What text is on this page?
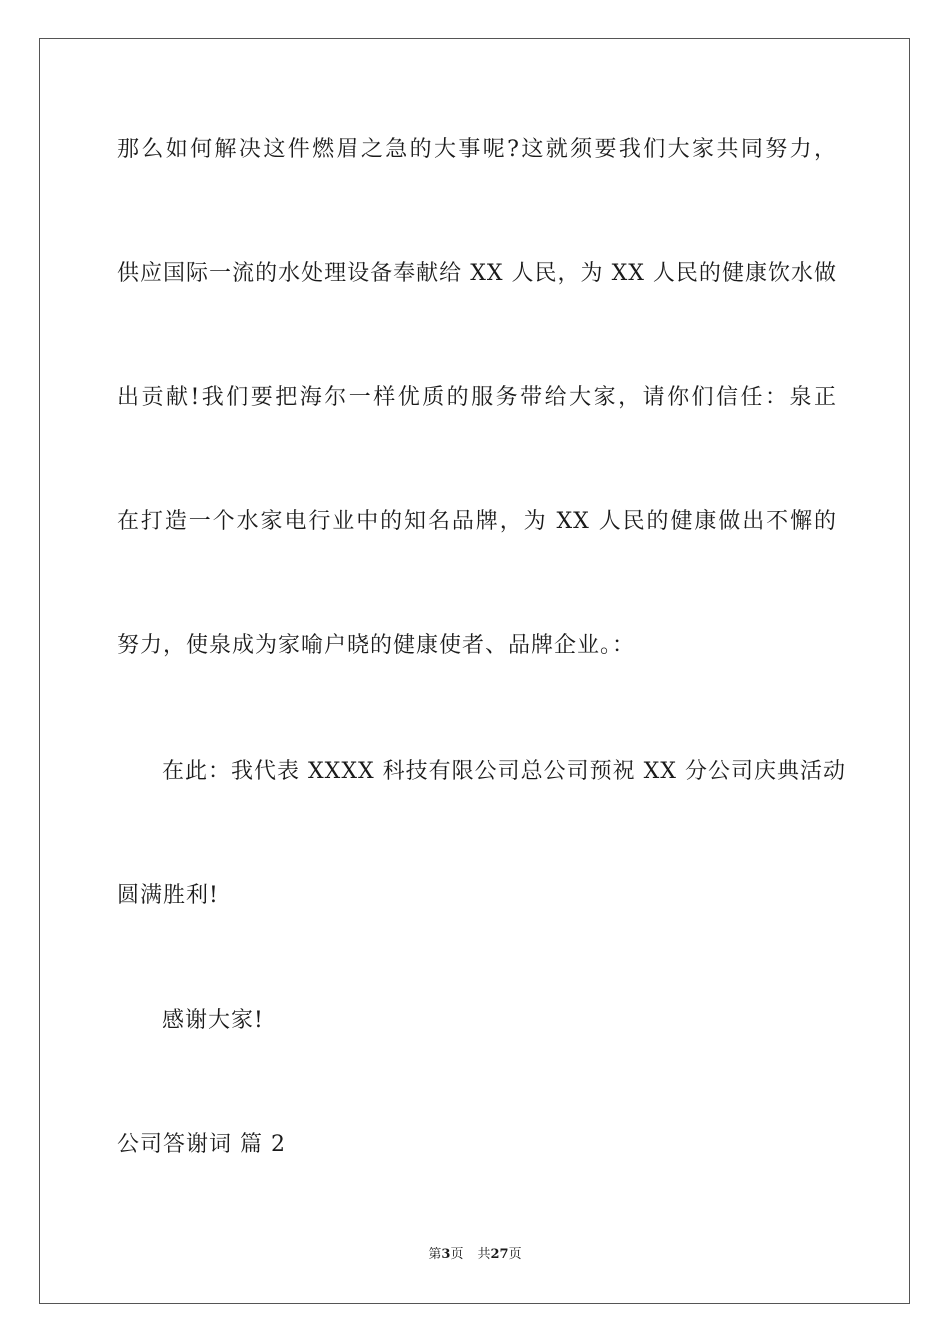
那么如何解决这件燃眉之急的大事呢?这就须要我们大家共同努力，
供应国际一流的水处理设备奉献给 XX 人民，为 XX 人民的健康饮水做
出贡献!我们要把海尔一样优质的服务带给大家，请你们信任：泉正
在打造一个水家电行业中的知名品牌，为 XX 人民的健康做出不懈的
努力，使泉成为家喻户晓的健康使者、品牌企业。：
在此：我代表 XXXX 科技有限公司总公司预祝 XX 分公司庆典活动
圆满胜利!
感谢大家!
公司答谢词 篇 2
第3页 共27页
